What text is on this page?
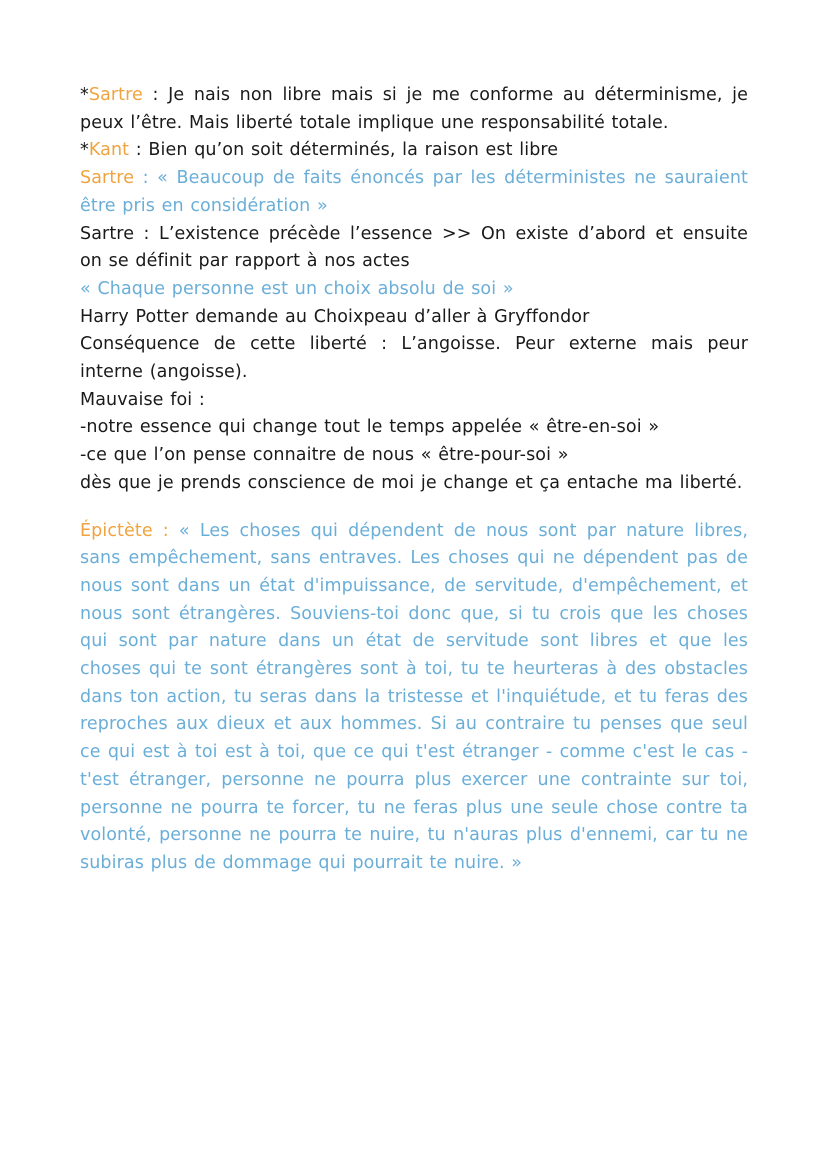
*Sartre : Je nais non libre mais si je me conforme au déterminisme, je peux l’être. Mais liberté totale implique une responsabilité totale.
*Kant : Bien qu’on soit déterminés, la raison est libre
Sartre : « Beaucoup de faits énoncés par les déterministes ne sauraient être pris en considération »
Sartre : L’existence précède l’essence >> On existe d’abord et ensuite on se définit par rapport à nos actes
« Chaque personne est un choix absolu de soi »
Harry Potter demande au Choixpeau d’aller à Gryffondor
Conséquence de cette liberté : L’angoisse. Peur externe mais peur interne (angoisse).
Mauvaise foi :
-notre essence qui change tout le temps appelée « être-en-soi »
-ce que l’on pense connaitre de nous « être-pour-soi »
dès que je prends conscience de moi je change et ça entache ma liberté.
Épictète : « Les choses qui dépendent de nous sont par nature libres, sans empêchement, sans entraves. Les choses qui ne dépendent pas de nous sont dans un état d'impuissance, de servitude, d'empêchement, et nous sont étrangères. Souviens-toi donc que, si tu crois que les choses qui sont par nature dans un état de servitude sont libres et que les choses qui te sont étrangères sont à toi, tu te heurteras à des obstacles dans ton action, tu seras dans la tristesse et l'inquiétude, et tu feras des reproches aux dieux et aux hommes. Si au contraire tu penses que seul ce qui est à toi est à toi, que ce qui t'est étranger - comme c'est le cas - t'est étranger, personne ne pourra plus exercer une contrainte sur toi, personne ne pourra te forcer, tu ne feras plus une seule chose contre ta volonté, personne ne pourra te nuire, tu n'auras plus d'ennemi, car tu ne subiras plus de dommage qui pourrait te nuire. »
